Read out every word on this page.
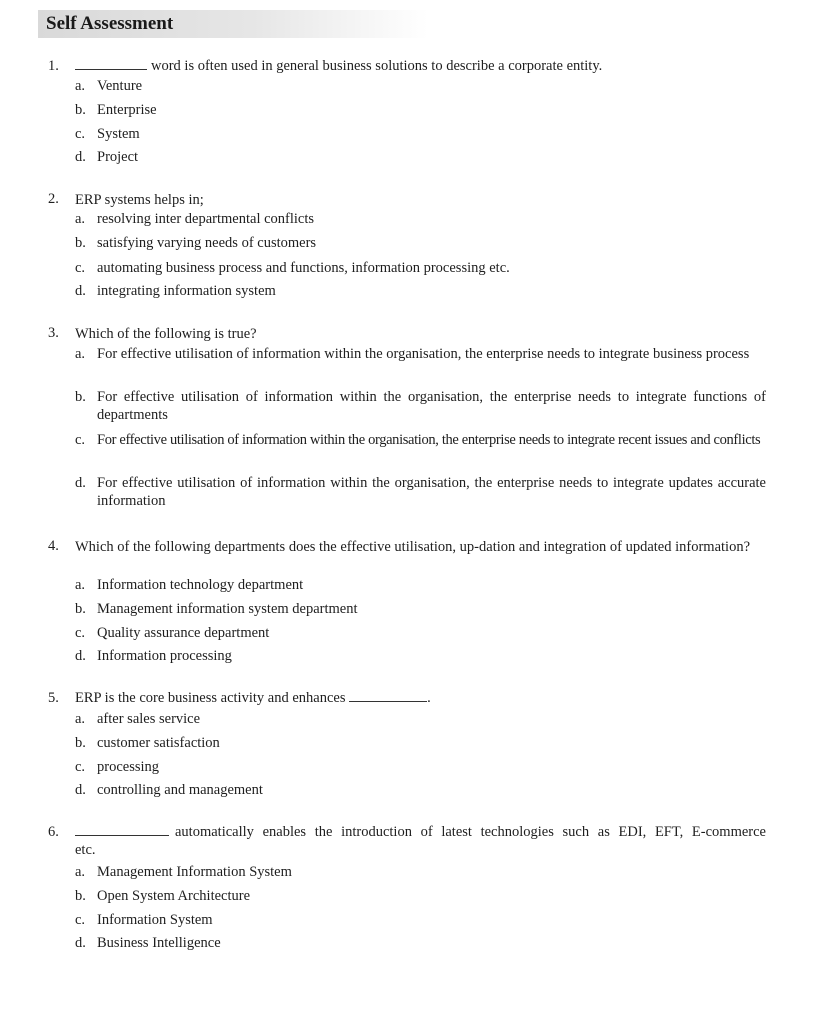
Self Assessment
1.	word is often used in general business solutions to describe a corporate entity.
a. Venture
b. Enterprise
c. System
d. Project
2. ERP systems helps in;
a. resolving inter departmental conflicts
b. satisfying varying needs of customers
c. automating business process and functions, information processing etc.
d. integrating information system
3. Which of the following is true?
a. For effective utilisation of information within the organisation, the enterprise needs to integrate business process
b. For effective utilisation of information within the organisation, the enterprise needs to integrate functions of departments
c. For effective utilisation of information within the organisation, the enterprise needs to integrate recent issues and conflicts
d. For effective utilisation of information within the organisation, the enterprise needs to integrate updates accurate information
4. Which of the following departments does the effective utilisation, up-dation and integration of updated information?
a. Information technology department
b. Management information system department
c. Quality assurance department
d. Information processing
5. ERP is the core business activity and enhances	.
a. after sales service
b. customer satisfaction
c. processing
d. controlling and management
6.	automatically enables the introduction of latest technologies such as EDI, EFT, E-commerce
etc.
a. Management Information System
b. Open System Architecture
c. Information System
d. Business Intelligence
